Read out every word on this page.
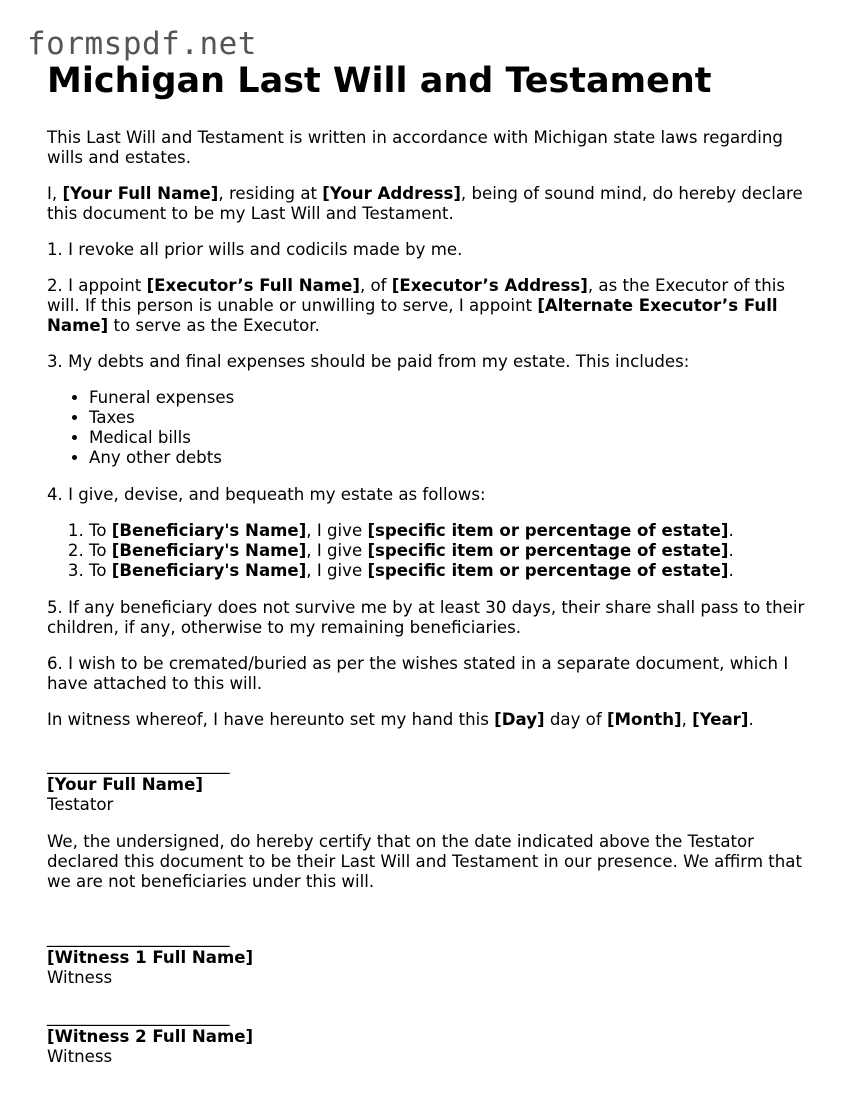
formspdf.net
Michigan Last Will and Testament

This Last Will and Testament is written in accordance with Michigan state laws regarding wills and estates.

I, [Your Full Name], residing at [Your Address], being of sound mind, do hereby declare this document to be my Last Will and Testament.

1. I revoke all prior wills and codicils made by me.

2. I appoint [Executor’s Full Name], of [Executor’s Address], as the Executor of this will. If this person is unable or unwilling to serve, I appoint [Alternate Executor’s Full Name] to serve as the Executor.

3. My debts and final expenses should be paid from my estate. This includes:

• Funeral expenses
• Taxes
• Medical bills
• Any other debts

4. I give, devise, and bequeath my estate as follows:

1. To [Beneficiary's Name], I give [specific item or percentage of estate].
2. To [Beneficiary's Name], I give [specific item or percentage of estate].
3. To [Beneficiary's Name], I give [specific item or percentage of estate].

5. If any beneficiary does not survive me by at least 30 days, their share shall pass to their children, if any, otherwise to my remaining beneficiaries.

6. I wish to be cremated/buried as per the wishes stated in a separate document, which I have attached to this will.

In witness whereof, I have hereunto set my hand this [Day] day of [Month], [Year].

______________________
[Your Full Name]
Testator

We, the undersigned, do hereby certify that on the date indicated above the Testator declared this document to be their Last Will and Testament in our presence. We affirm that we are not beneficiaries under this will.

______________________
[Witness 1 Full Name]
Witness
______________________
[Witness 2 Full Name]
Witness
